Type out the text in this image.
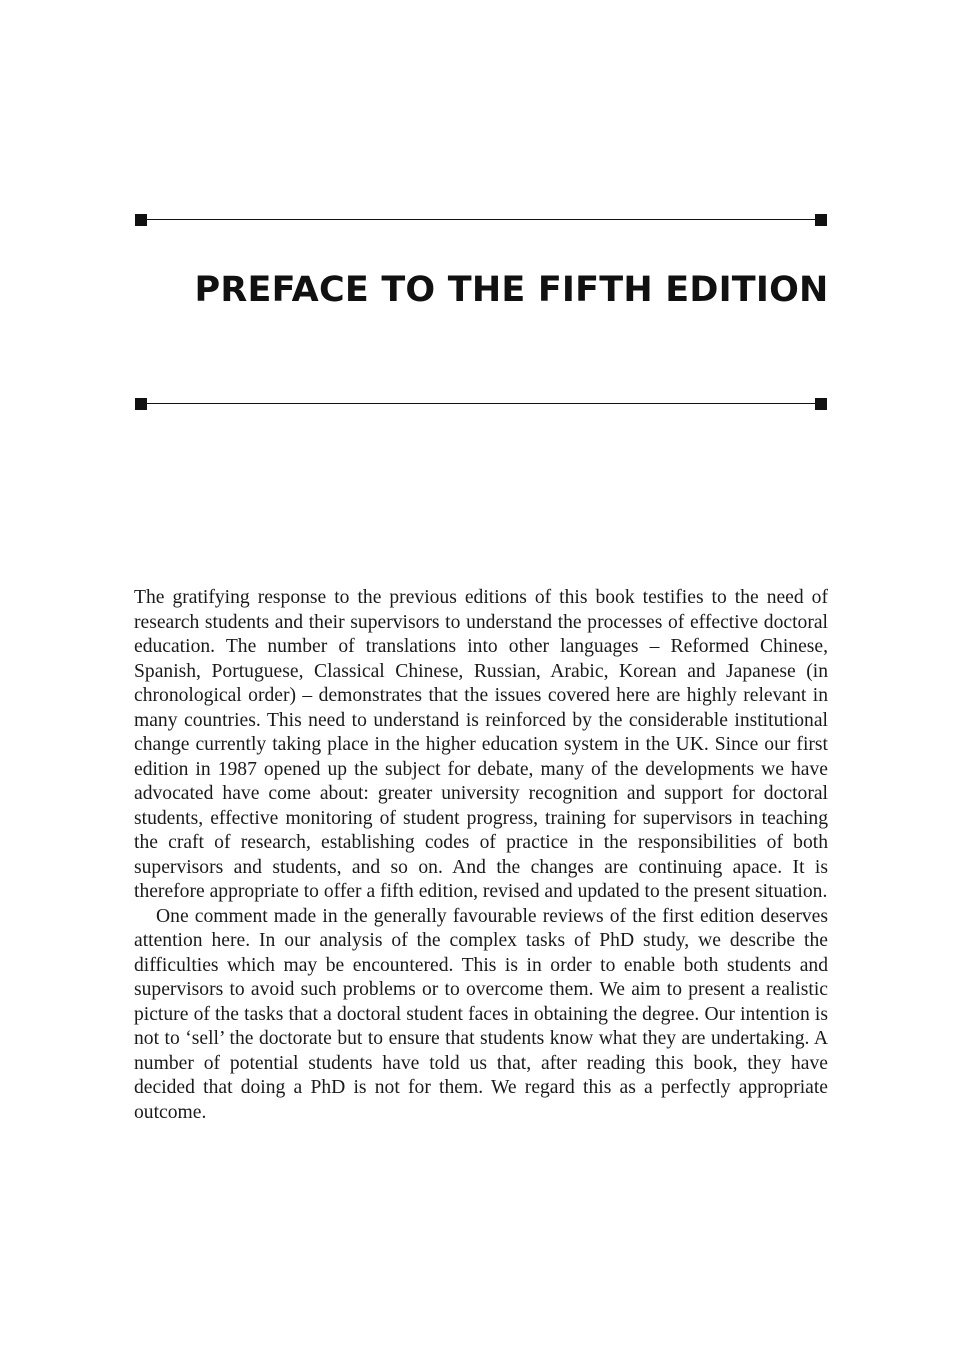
PREFACE TO THE FIFTH EDITION

The gratifying response to the previous editions of this book testifies to the need of research students and their supervisors to understand the processes of effective doctoral education. The number of translations into other languages – Reformed Chinese, Spanish, Portuguese, Classical Chinese, Russian, Arabic, Korean and Japanese (in chronological order) – demonstrates that the issues covered here are highly relevant in many countries. This need to understand is reinforced by the considerable institutional change currently taking place in the higher education system in the UK. Since our first edition in 1987 opened up the subject for debate, many of the developments we have advocated have come about: greater university recognition and support for doctoral students, effective monitoring of student progress, training for supervisors in teaching the craft of research, establishing codes of practice in the responsibilities of both supervisors and students, and so on. And the changes are continuing apace. It is therefore appropriate to offer a fifth edition, revised and updated to the present situation.

One comment made in the generally favourable reviews of the first edition deserves attention here. In our analysis of the complex tasks of PhD study, we describe the difficulties which may be encountered. This is in order to enable both students and supervisors to avoid such problems or to overcome them. We aim to present a realistic picture of the tasks that a doctoral student faces in obtaining the degree. Our intention is not to ‘sell’ the doctorate but to ensure that students know what they are undertaking. A number of potential students have told us that, after reading this book, they have decided that doing a PhD is not for them. We regard this as a perfectly appropriate outcome.
